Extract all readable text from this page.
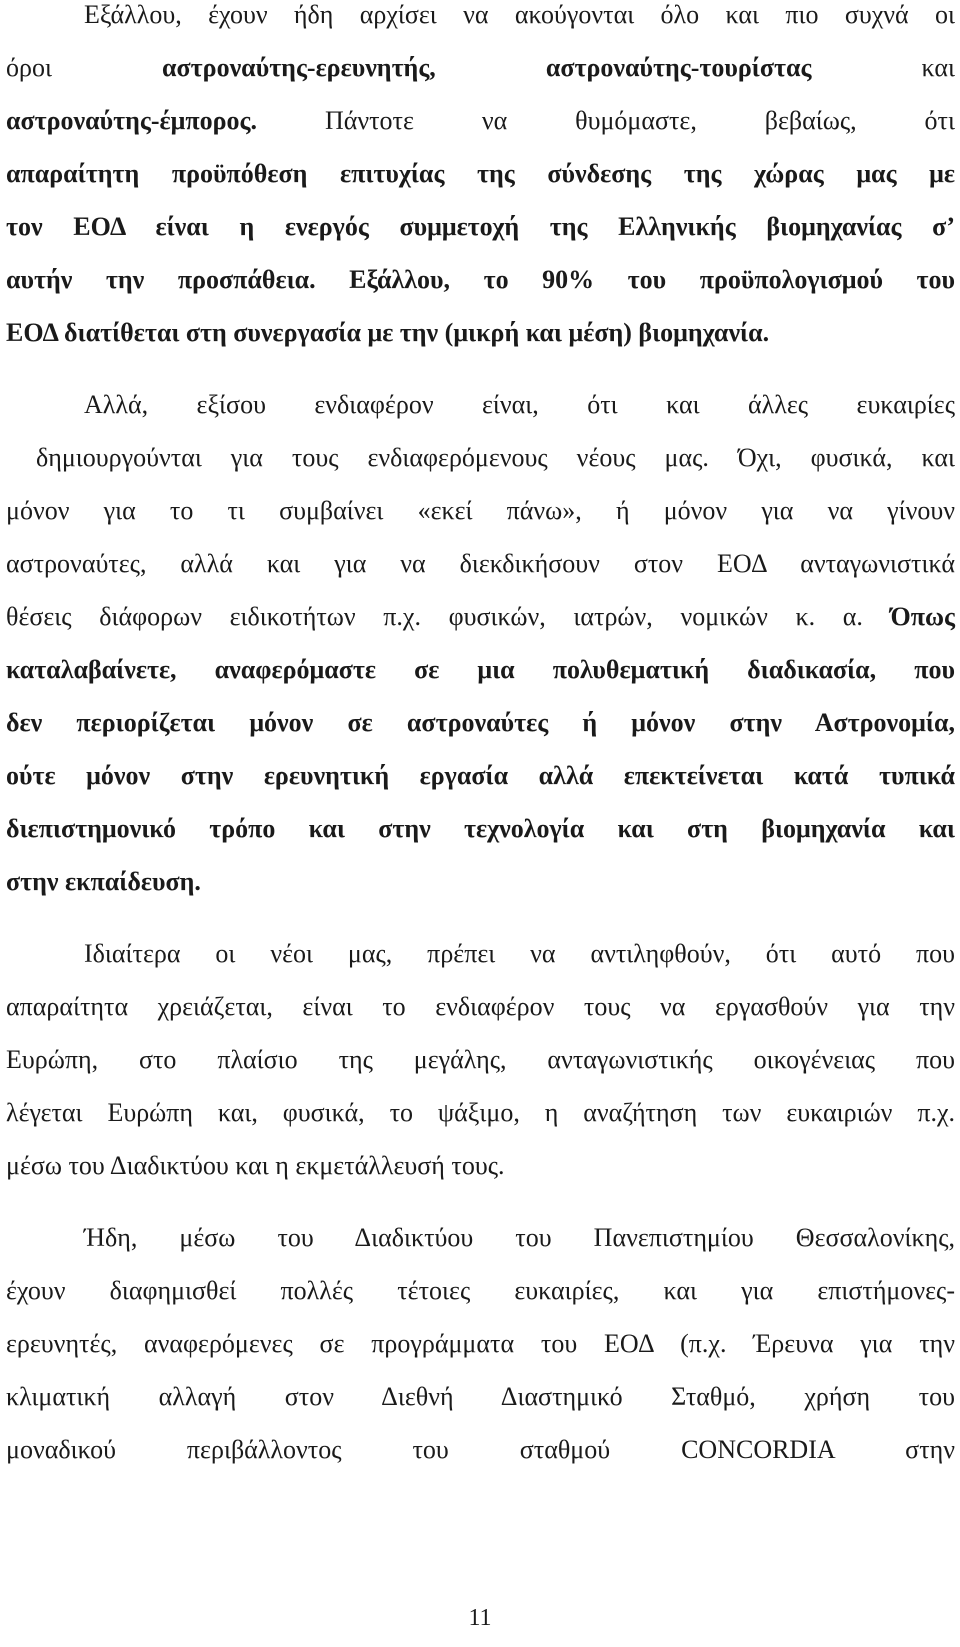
Εξάλλου, έχουν ήδη αρχίσει να ακούγονται όλο και πιο συχνά οι
όροι αστροναύτης-ερευνητής, αστροναύτης-τουρίστας και
αστροναύτης-έμπορος. Πάντοτε να θυμόμαστε, βεβαίως, ότι
απαραίτητη προϋπόθεση επιτυχίας της σύνδεσης της χώρας μας με
τον ΕΟΔ είναι η ενεργός συμμετοχή της Ελληνικής βιομηχανίας σ’
αυτήν την προσπάθεια. Εξάλλου, το 90% του προϋπολογισμού του
ΕΟΔ διατίθεται στη συνεργασία με την (μικρή και μέση) βιομηχανία.
Αλλά, εξίσου ενδιαφέρον είναι, ότι και άλλες ευκαιρίες
δημιουργούνται για τους ενδιαφερόμενους νέους μας. Όχι, φυσικά, και
μόνον για το τι συμβαίνει «εκεί πάνω», ή μόνον για να γίνουν
αστροναύτες, αλλά και για να διεκδικήσουν στον ΕΟΔ ανταγωνιστικά
θέσεις διάφορων ειδικοτήτων π.χ. φυσικών, ιατρών, νομικών κ. α. Όπως
καταλαβαίνετε, αναφερόμαστε σε μια πολυθεματική διαδικασία, που
δεν περιορίζεται μόνον σε αστροναύτες ή μόνον στην Αστρονομία,
ούτε μόνον στην ερευνητική εργασία αλλά επεκτείνεται κατά τυπικά
διεπιστημονικό τρόπο και στην τεχνολογία και στη βιομηχανία και
στην εκπαίδευση.
Ιδιαίτερα οι νέοι μας, πρέπει να αντιληφθούν, ότι αυτό που
απαραίτητα χρειάζεται, είναι το ενδιαφέρον τους να εργασθούν για την
Ευρώπη, στο πλαίσιο της μεγάλης, ανταγωνιστικής οικογένειας που
λέγεται Ευρώπη και, φυσικά, το ψάξιμο, η αναζήτηση των ευκαιριών π.χ.
μέσω του Διαδικτύου και η εκμετάλλευσή τους.
Ήδη, μέσω του Διαδικτύου του Πανεπιστημίου Θεσσαλονίκης,
έχουν διαφημισθεί πολλές τέτοιες ευκαιρίες, και για επιστήμονες-
ερευνητές, αναφερόμενες σε προγράμματα του ΕΟΔ (π.χ. Έρευνα για την
κλιματική αλλαγή στον Διεθνή Διαστημικό Σταθμό, χρήση του
μοναδικού περιβάλλοντος του σταθμού CONCORDIA στην
11
